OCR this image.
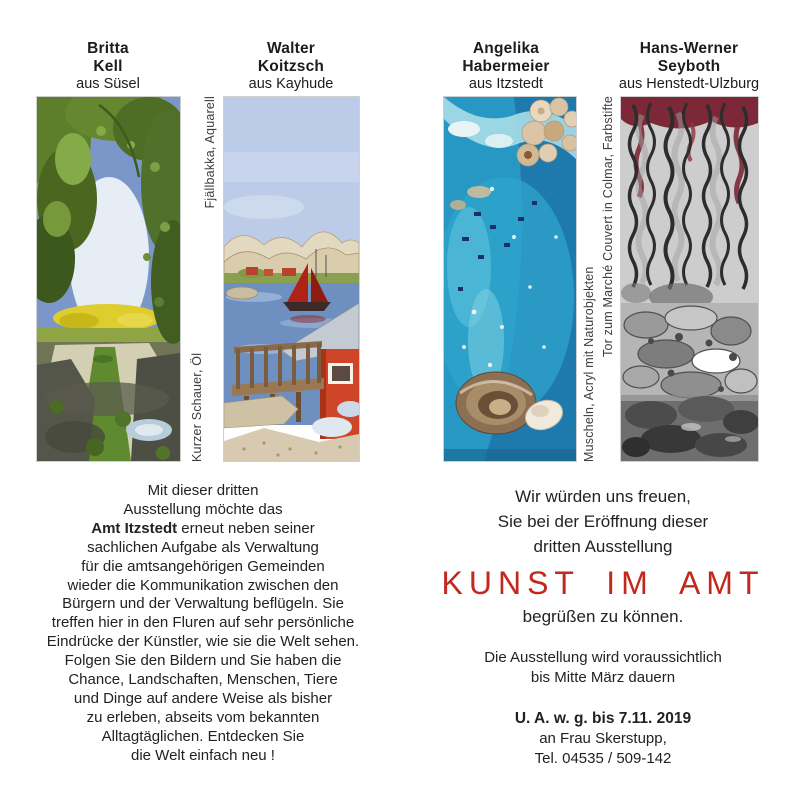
Britta
Kell
aus Süsel
Walter
Koitzsch
aus Kayhude
Angelika
Habermeier
aus Itzstedt
Hans-Werner
Seyboth
aus Henstedt-Ulzburg
Kurzer Schauer, Öl
Fjällbakka, Aquarell
Muscheln, Acryl mit Naturobjekten
Tor zum Marché Couvert in Colmar, Farbstifte
Mit dieser dritten
Ausstellung möchte das
Amt Itzstedt erneut neben seiner
sachlichen Aufgabe als Verwaltung
für die amtsangehörigen Gemeinden
wieder die Kommunikation zwischen den
Bürgern und der Verwaltung beflügeln. Sie
treffen hier in den Fluren auf sehr persönliche
Eindrücke der Künstler, wie sie die Welt sehen.
Folgen Sie den Bildern und Sie haben die
Chance, Landschaften, Menschen, Tiere
und Dinge auf andere Weise als bisher
zu erleben, abseits vom bekannten
Alltagtäglichen. Entdecken Sie
die Welt einfach neu !
Wir würden uns freuen,
Sie bei der Eröffnung dieser
dritten Ausstellung
KUNST IM AMT
begrüßen zu können.
Die Ausstellung wird voraussichtlich
bis Mitte März dauern
U. A. w. g. bis 7.11. 2019
an Frau Skerstupp,
Tel. 04535 / 509-142
